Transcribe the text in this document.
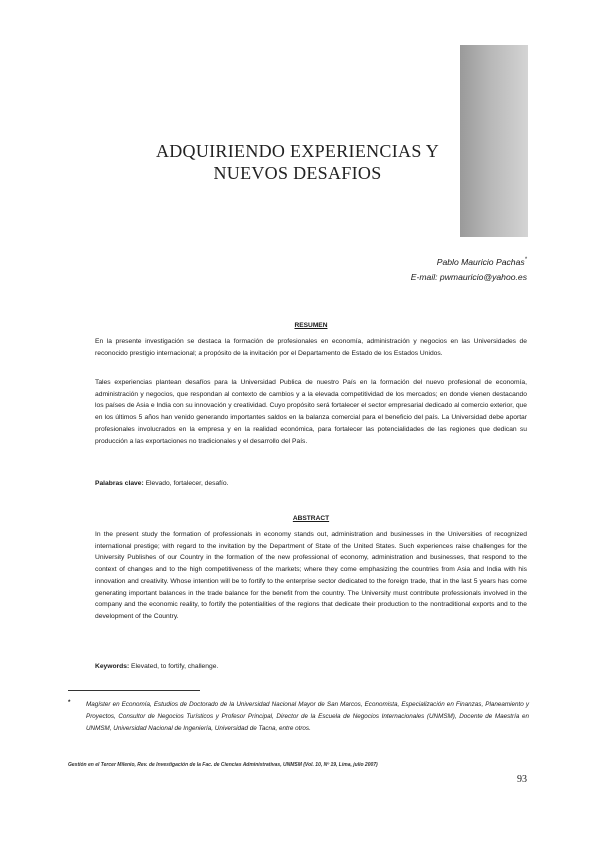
ADQUIRIENDO EXPERIENCIAS Y
NUEVOS DESAFIOS
Pablo Mauricio Pachas*
E-mail: pwmauricio@yahoo.es
RESUMEN
En la presente investigación se destaca la formación de profesionales en economía, administración y negocios en las Universidades de reconocido prestigio internacional; a propósito de la invitación por el Departamento de Estado de los Estados Unidos.
Tales experiencias plantean desafíos para la Universidad Publica de nuestro País en la formación del nuevo profesional de economía, administración y negocios, que respondan al contexto de cambios y a la elevada competitividad de los mercados; en donde vienen destacando los países de Asia e India con su innovación y creatividad. Cuyo propósito será fortalecer el sector empresarial dedicado al comercio exterior, que en los últimos 5 años han venido generando importantes saldos en la balanza comercial para el beneficio del país. La Universidad debe aportar profesionales involucrados en la empresa y en la realidad económica, para fortalecer las potencialidades de las regiones que dedican su producción a las exportaciones no tradicionales y el desarrollo del País.
Palabras clave: Elevado, fortalecer, desafío.
ABSTRACT
In the present study the formation of professionals in economy stands out, administration and businesses in the Universities of recognized international prestige; with regard to the invitation by the Department of State of the United States. Such experiences raise challenges for the University Publishes of our Country in the formation of the new professional of economy, administration and businesses, that respond to the context of changes and to the high competitiveness of the markets; where they come emphasizing the countries from Asia and India with his innovation and creativity. Whose intention will be to fortify to the enterprise sector dedicated to the foreign trade, that in the last 5 years has come generating important balances in the trade balance for the benefit from the country. The University must contribute professionals involved in the company and the economic reality, to fortify the potentialities of the regions that dedicate their production to the nontraditional exports and to the development of the Country.
Keywords: Elevated, to fortify, challenge.
* Magíster en Economía, Estudios de Doctorado de la Universidad Nacional Mayor de San Marcos, Economista, Especialización en Finanzas, Planeamiento y Proyectos, Consultor de Negocios Turísticos y Profesor Principal, Director de la Escuela de Negocios Internacionales (UNMSM), Docente de Maestría en UNMSM, Universidad Nacional de Ingeniería, Universidad de Tacna, entre otros.
Gestión en el Tercer Milenio, Rev. de Investigación de la Fac. de Ciencias Administrativas, UNMSM (Vol. 10, Nº 19, Lima, julio 2007)
93
